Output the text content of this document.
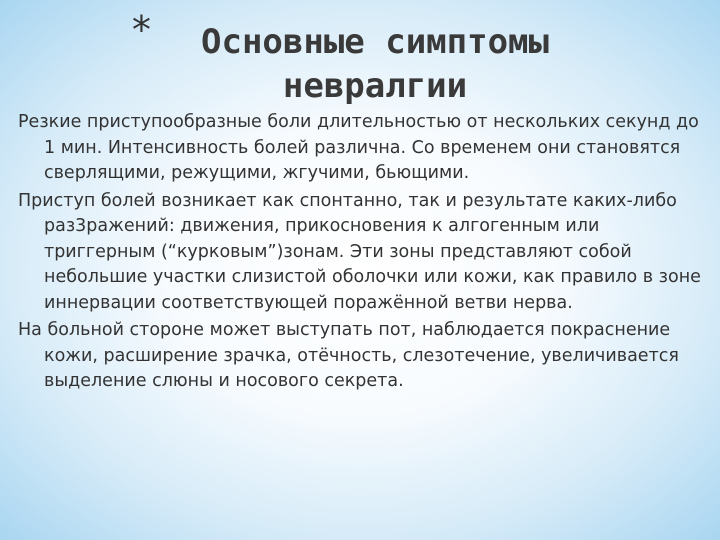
*	Основные симптомы невралгии

Резкие приступообразные боли длительностью от нескольких секунд до 1 мин. Интенсивность болей различна. Со временем они становятся сверлящими, режущими, жгучими, бьющими.

Приступ болей возникает как спонтанно, так и результате каких-либо раз3ражений: движения, прикосновения к алгогенным или триггерным (“курковым”)зонам. Эти зоны представляют собой небольшие участки слизистой оболочки или кожи, как правило в зоне иннервации соответствующей поражённой ветви нерва.

На больной стороне может выступать пот, наблюдается покраснение кожи, расширение зрачка, отёчность, слезотечение, увеличивается выделение слюны и носового секрета.
